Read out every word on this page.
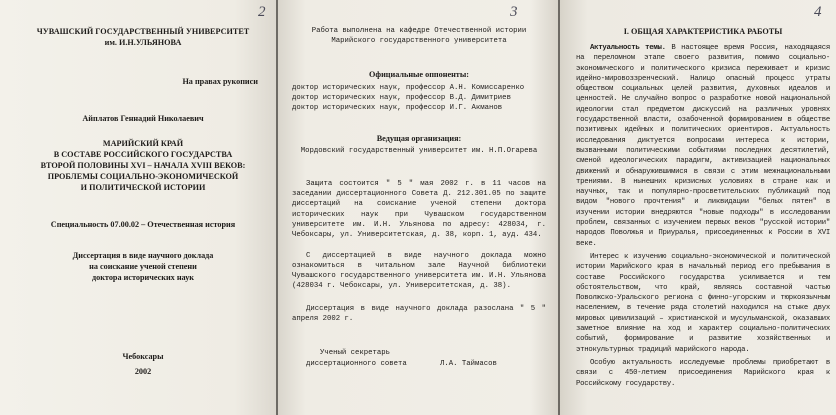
2

ЧУВАШСКИЙ ГОСУДАРСТВЕННЫЙ УНИВЕРСИТЕТ

им. И.Н.УЛЬЯНОВА

На правах рукописи

Айплатов Геннадий Николаевич

МАРИЙСКИЙ КРАЙ

В СОСТАВЕ РОССИЙСКОГО ГОСУДАРСТВА

ВТОРОЙ ПОЛОВИНЫ XVI – НАЧАЛА XVIII ВЕКОВ:

ПРОБЛЕМЫ СОЦИАЛЬНО-ЭКОНОМИЧЕСКОЙ

И ПОЛИТИЧЕСКОЙ ИСТОРИИ

Специальность 07.00.02 – Отечественная история

Диссертация в виде научного доклада

на соискание ученой степени

доктора исторических наук

Чебоксары

2002

3

Работа выполнена на кафедре Отечественной истории Марийского государственного университета

Официальные оппоненты:

доктор исторических наук, профессор А.Н. Комиссаренко

доктор исторических наук, профессор В.Д. Димитриев

доктор исторических наук, профессор И.Г. Акманов

Ведущая организация:

Мордовский государственный университет им. Н.П.Огарева

Защита состоится " 5 " мая 2002 г. в 11 часов на заседании диссертационного Совета Д. 212.301.05 по защите диссертаций на соискание ученой степени доктора исторических наук при Чувашском государственном университете им. И.Н. Ульянова по адресу: 428034, г. Чебоксары, ул. Университетская, д. 38, корп. 1, ауд. 434.

С диссертацией в виде научного доклада можно ознакомиться в читальном зале Научной библиотеки Чувашского государственного университета им. И.Н. Ульянова (428034 г. Чебоксары, ул. Университетская, д. 38).

Диссертация в виде научного доклада разослана " 5 " апреля 2002 г.

Ученый секретарь

диссертационного совета	Л.А. Таймасов

4

I. ОБЩАЯ ХАРАКТЕРИСТИКА РАБОТЫ

Актуальность темы. В настоящее время Россия, находящаяся на переломном этапе своего развития, помимо социально-экономического и политического кризиса переживает и кризис идейно-мировоззренческий. Налицо опасный процесс утраты обществом социальных целей развития, духовных идеалов и ценностей. Не случайно вопрос о разработке новой национальной идеологии стал предметом дискуссий на различных уровнях государственной власти, озабоченной формированием в обществе позитивных идейных и политических ориентиров. Актуальность исследования диктуется вопросами интереса к истории, вызванными политическими событиями последних десятилетий, сменой идеологических парадигм, активизацией национальных движений и обнаружившимися в связи с этим межнациональными трениями. В нынешних кризисных условиях в стране как и научных, так и популярно-просветительских публикаций под видом "нового прочтения" и ликвидации "белых пятен" в изучении истории внедряются "новые подходы" в исследовании проблем, связанных с изучением первых веков "русской истории" народов Поволжья и Приуралья, присоединенных к России в XVI веке.

Интерес к изучению социально-экономической и политической истории Марийского края в начальный период его пребывания в составе Российского государства усиливается и тем обстоятельством, что край, являясь составной частью Поволжско-Уральского региона с финно-угорским и тюркоязычным населением, в течение ряда столетий находился на стыке двух мировых цивилизаций – христианской и мусульманской, оказавших заметное влияние на ход и характер социально-политических событий, формирование и развитие хозяйственных и этнокультурных традиций марийского народа.

Особую актуальность исследуемые проблемы приобретают в связи с 450-летием присоединения Марийского края к Российскому государству.
